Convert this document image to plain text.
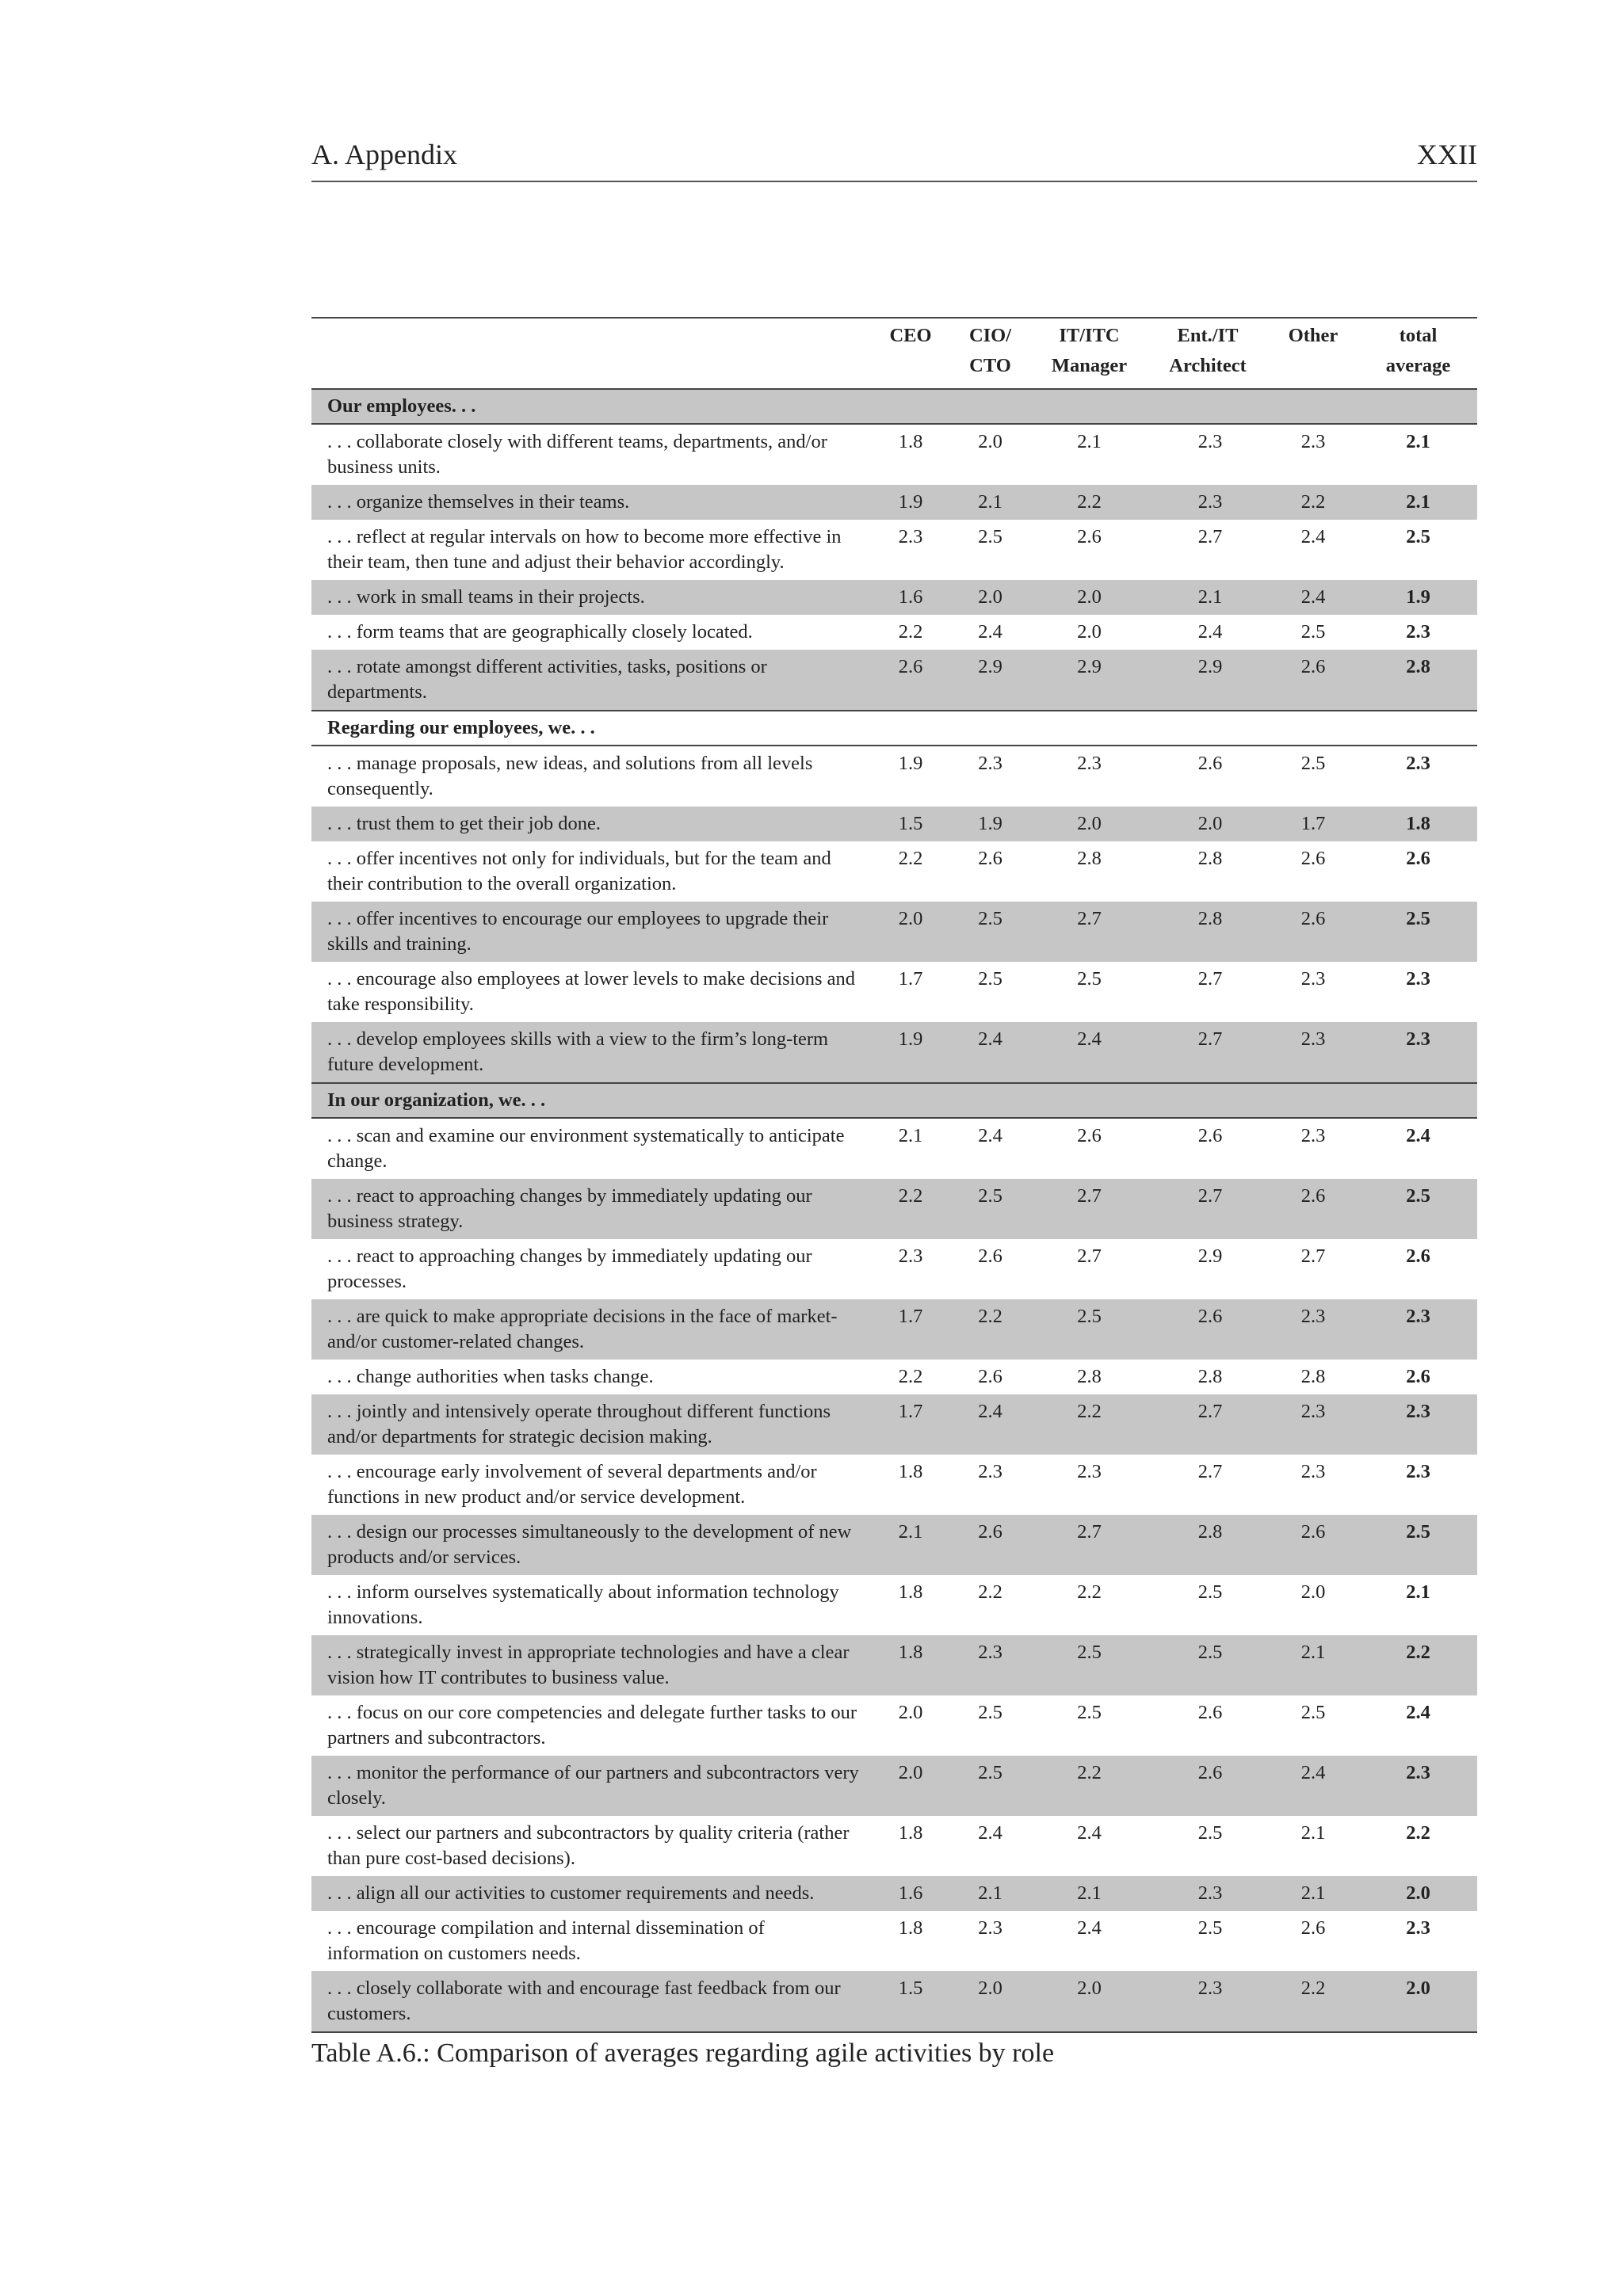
A. Appendix	XXII
	CEO	CIO/	IT/ITC	Ent./IT	Other	total
		CTO	Manager	Architect		average
Our employees. . .						
. . . collaborate closely with different teams, departments, and/or business units.	1.8	2.0	2.1	2.3	2.3	2.1
. . . organize themselves in their teams.	1.9	2.1	2.2	2.3	2.2	2.1
. . . reflect at regular intervals on how to become more effective in their team, then tune and adjust their behavior accordingly.	2.3	2.5	2.6	2.7	2.4	2.5
. . . work in small teams in their projects.	1.6	2.0	2.0	2.1	2.4	1.9
. . . form teams that are geographically closely located.	2.2	2.4	2.0	2.4	2.5	2.3
. . . rotate amongst different activities, tasks, positions or departments.	2.6	2.9	2.9	2.9	2.6	2.8
Regarding our employees, we. . .						
. . . manage proposals, new ideas, and solutions from all levels consequently.	1.9	2.3	2.3	2.6	2.5	2.3
. . . trust them to get their job done.	1.5	1.9	2.0	2.0	1.7	1.8
. . . offer incentives not only for individuals, but for the team and their contribution to the overall organization.	2.2	2.6	2.8	2.8	2.6	2.6
. . . offer incentives to encourage our employees to upgrade their skills and training.	2.0	2.5	2.7	2.8	2.6	2.5
. . . encourage also employees at lower levels to make decisions and take responsibility.	1.7	2.5	2.5	2.7	2.3	2.3
. . . develop employees skills with a view to the firm’s long-term future development.	1.9	2.4	2.4	2.7	2.3	2.3
In our organization, we. . .						
. . . scan and examine our environment systematically to anticipate change.	2.1	2.4	2.6	2.6	2.3	2.4
. . . react to approaching changes by immediately updating our business strategy.	2.2	2.5	2.7	2.7	2.6	2.5
. . . react to approaching changes by immediately updating our processes.	2.3	2.6	2.7	2.9	2.7	2.6
. . . are quick to make appropriate decisions in the face of market- and/or customer-related changes.	1.7	2.2	2.5	2.6	2.3	2.3
. . . change authorities when tasks change.	2.2	2.6	2.8	2.8	2.8	2.6
. . . jointly and intensively operate throughout different functions and/or departments for strategic decision making.	1.7	2.4	2.2	2.7	2.3	2.3
. . . encourage early involvement of several departments and/or functions in new product and/or service development.	1.8	2.3	2.3	2.7	2.3	2.3
. . . design our processes simultaneously to the development of new products and/or services.	2.1	2.6	2.7	2.8	2.6	2.5
. . . inform ourselves systematically about information technology innovations.	1.8	2.2	2.2	2.5	2.0	2.1
. . . strategically invest in appropriate technologies and have a clear vision how IT contributes to business value.	1.8	2.3	2.5	2.5	2.1	2.2
. . . focus on our core competencies and delegate further tasks to our partners and subcontractors.	2.0	2.5	2.5	2.6	2.5	2.4
. . . monitor the performance of our partners and subcontractors very closely.	2.0	2.5	2.2	2.6	2.4	2.3
. . . select our partners and subcontractors by quality criteria (rather than pure cost-based decisions).	1.8	2.4	2.4	2.5	2.1	2.2
. . . align all our activities to customer requirements and needs.	1.6	2.1	2.1	2.3	2.1	2.0
. . . encourage compilation and internal dissemination of information on customers needs.	1.8	2.3	2.4	2.5	2.6	2.3
. . . closely collaborate with and encourage fast feedback from our customers.	1.5	2.0	2.0	2.3	2.2	2.0
Table A.6.: Comparison of averages regarding agile activities by role
